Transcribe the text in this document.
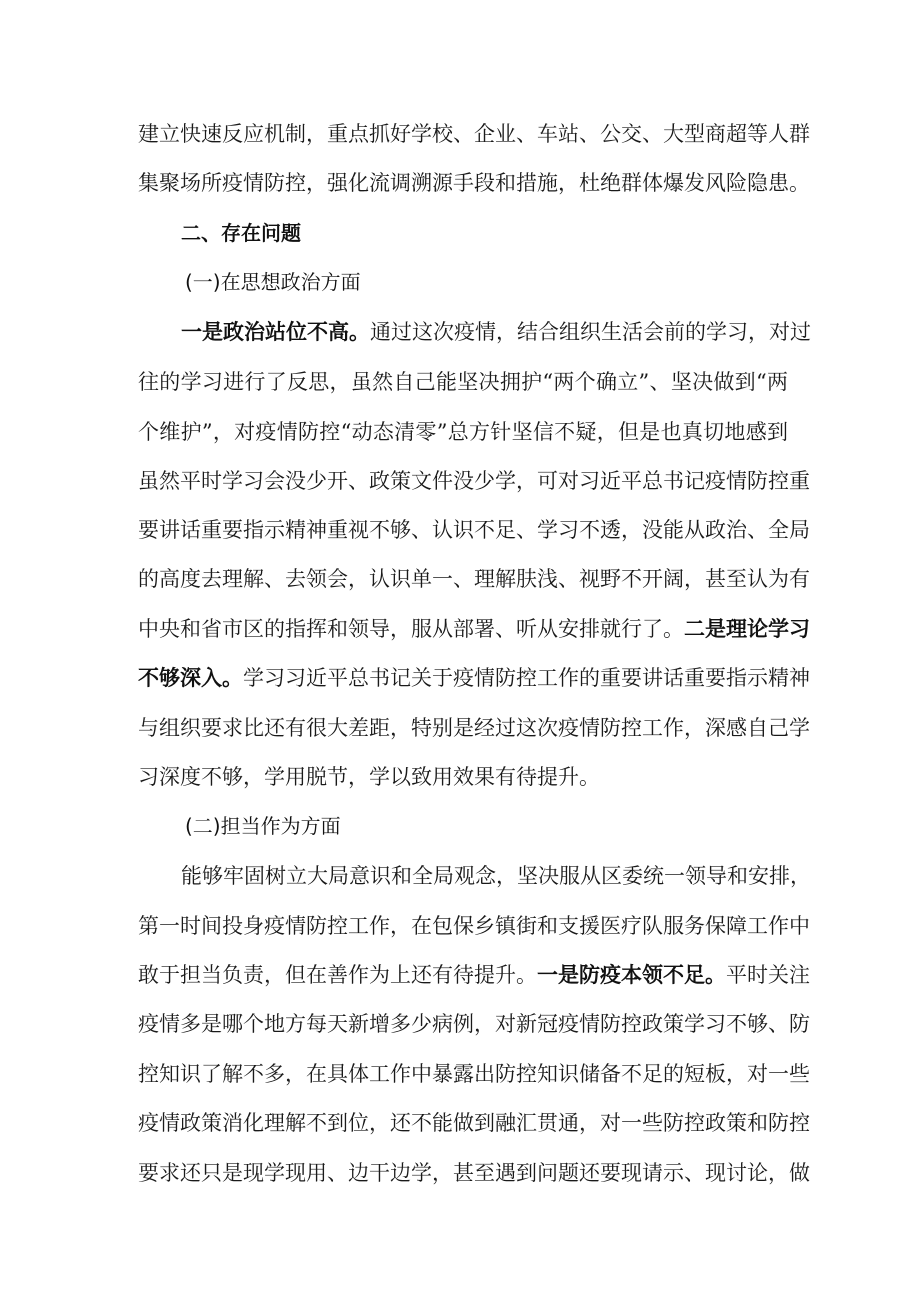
建立快速反应机制，重点抓好学校、企业、车站、公交、大型商超等人群
集聚场所疫情防控，强化流调溯源手段和措施，杜绝群体爆发风险隐患。
二、存在问题
(一)在思想政治方面
一是政治站位不高。通过这次疫情，结合组织生活会前的学习，对过
往的学习进行了反思，虽然自己能坚决拥护“两个确立”、坚决做到“两
个维护”，对疫情防控“动态清零”总方针坚信不疑，但是也真切地感到
虽然平时学习会没少开、政策文件没少学，可对习近平总书记疫情防控重
要讲话重要指示精神重视不够、认识不足、学习不透，没能从政治、全局
的高度去理解、去领会，认识单一、理解肤浅、视野不开阔，甚至认为有
中央和省市区的指挥和领导，服从部署、听从安排就行了。二是理论学习
不够深入。学习习近平总书记关于疫情防控工作的重要讲话重要指示精神
与组织要求比还有很大差距，特别是经过这次疫情防控工作，深感自己学
习深度不够，学用脱节，学以致用效果有待提升。
(二)担当作为方面
能够牢固树立大局意识和全局观念，坚决服从区委统一领导和安排，
第一时间投身疫情防控工作，在包保乡镇街和支援医疗队服务保障工作中
敢于担当负责，但在善作为上还有待提升。一是防疫本领不足。平时关注
疫情多是哪个地方每天新增多少病例，对新冠疫情防控政策学习不够、防
控知识了解不多，在具体工作中暴露出防控知识储备不足的短板，对一些
疫情政策消化理解不到位，还不能做到融汇贯通，对一些防控政策和防控
要求还只是现学现用、边干边学，甚至遇到问题还要现请示、现讨论，做
